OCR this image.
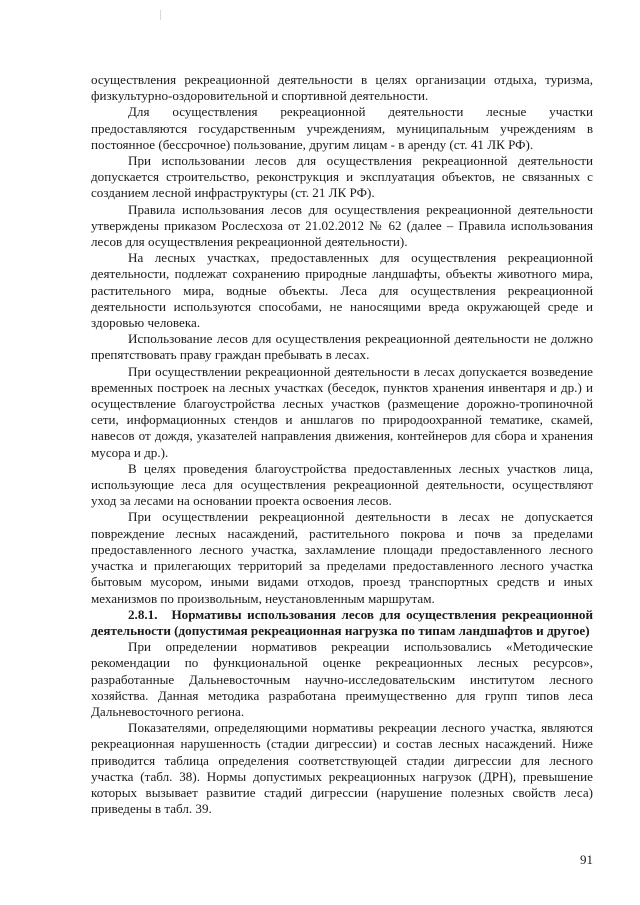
осуществления рекреационной деятельности в целях организации отдыха, туризма, физкультурно-оздоровительной и спортивной деятельности.

Для осуществления рекреационной деятельности лесные участки предоставляются государственным учреждениям, муниципальным учреждениям в постоянное (бессрочное) пользование, другим лицам - в аренду (ст. 41 ЛК РФ).

При использовании лесов для осуществления рекреационной деятельности допускается строительство, реконструкция и эксплуатация объектов, не связанных с созданием лесной инфраструктуры (ст. 21 ЛК РФ).

Правила использования лесов для осуществления рекреационной деятельности утверждены приказом Рослесхоза от 21.02.2012 № 62 (далее – Правила использования лесов для осуществления рекреационной деятельности).

На лесных участках, предоставленных для осуществления рекреационной деятельности, подлежат сохранению природные ландшафты, объекты животного мира, растительного мира, водные объекты. Леса для осуществления рекреационной деятельности используются способами, не наносящими вреда окружающей среде и здоровью человека.

Использование лесов для осуществления рекреационной деятельности не должно препятствовать праву граждан пребывать в лесах.

При осуществлении рекреационной деятельности в лесах допускается возведение временных построек на лесных участках (беседок, пунктов хранения инвентаря и др.) и осуществление благоустройства лесных участков (размещение дорожно-тропиночной сети, информационных стендов и аншлагов по природоохранной тематике, скамей, навесов от дождя, указателей направления движения, контейнеров для сбора и хранения мусора и др.).

В целях проведения благоустройства предоставленных лесных участков лица, использующие леса для осуществления рекреационной деятельности, осуществляют уход за лесами на основании проекта освоения лесов.

При осуществлении рекреационной деятельности в лесах не допускается повреждение лесных насаждений, растительного покрова и почв за пределами предоставленного лесного участка, захламление площади предоставленного лесного участка и прилегающих территорий за пределами предоставленного лесного участка бытовым мусором, иными видами отходов, проезд транспортных средств и иных механизмов по произвольным, неустановленным маршрутам.

2.8.1. Нормативы использования лесов для осуществления рекреационной деятельности (допустимая рекреационная нагрузка по типам ландшафтов и другое)

При определении нормативов рекреации использовались «Методические рекомендации по функциональной оценке рекреационных лесных ресурсов», разработанные Дальневосточным научно-исследовательским институтом лесного хозяйства. Данная методика разработана преимущественно для групп типов леса Дальневосточного региона.

Показателями, определяющими нормативы рекреации лесного участка, являются рекреационная нарушенность (стадии дигрессии) и состав лесных насаждений. Ниже приводится таблица определения соответствующей стадии дигрессии для лесного участка (табл. 38). Нормы допустимых рекреационных нагрузок (ДРН), превышение которых вызывает развитие стадий дигрессии (нарушение полезных свойств леса) приведены в табл. 39.

91
